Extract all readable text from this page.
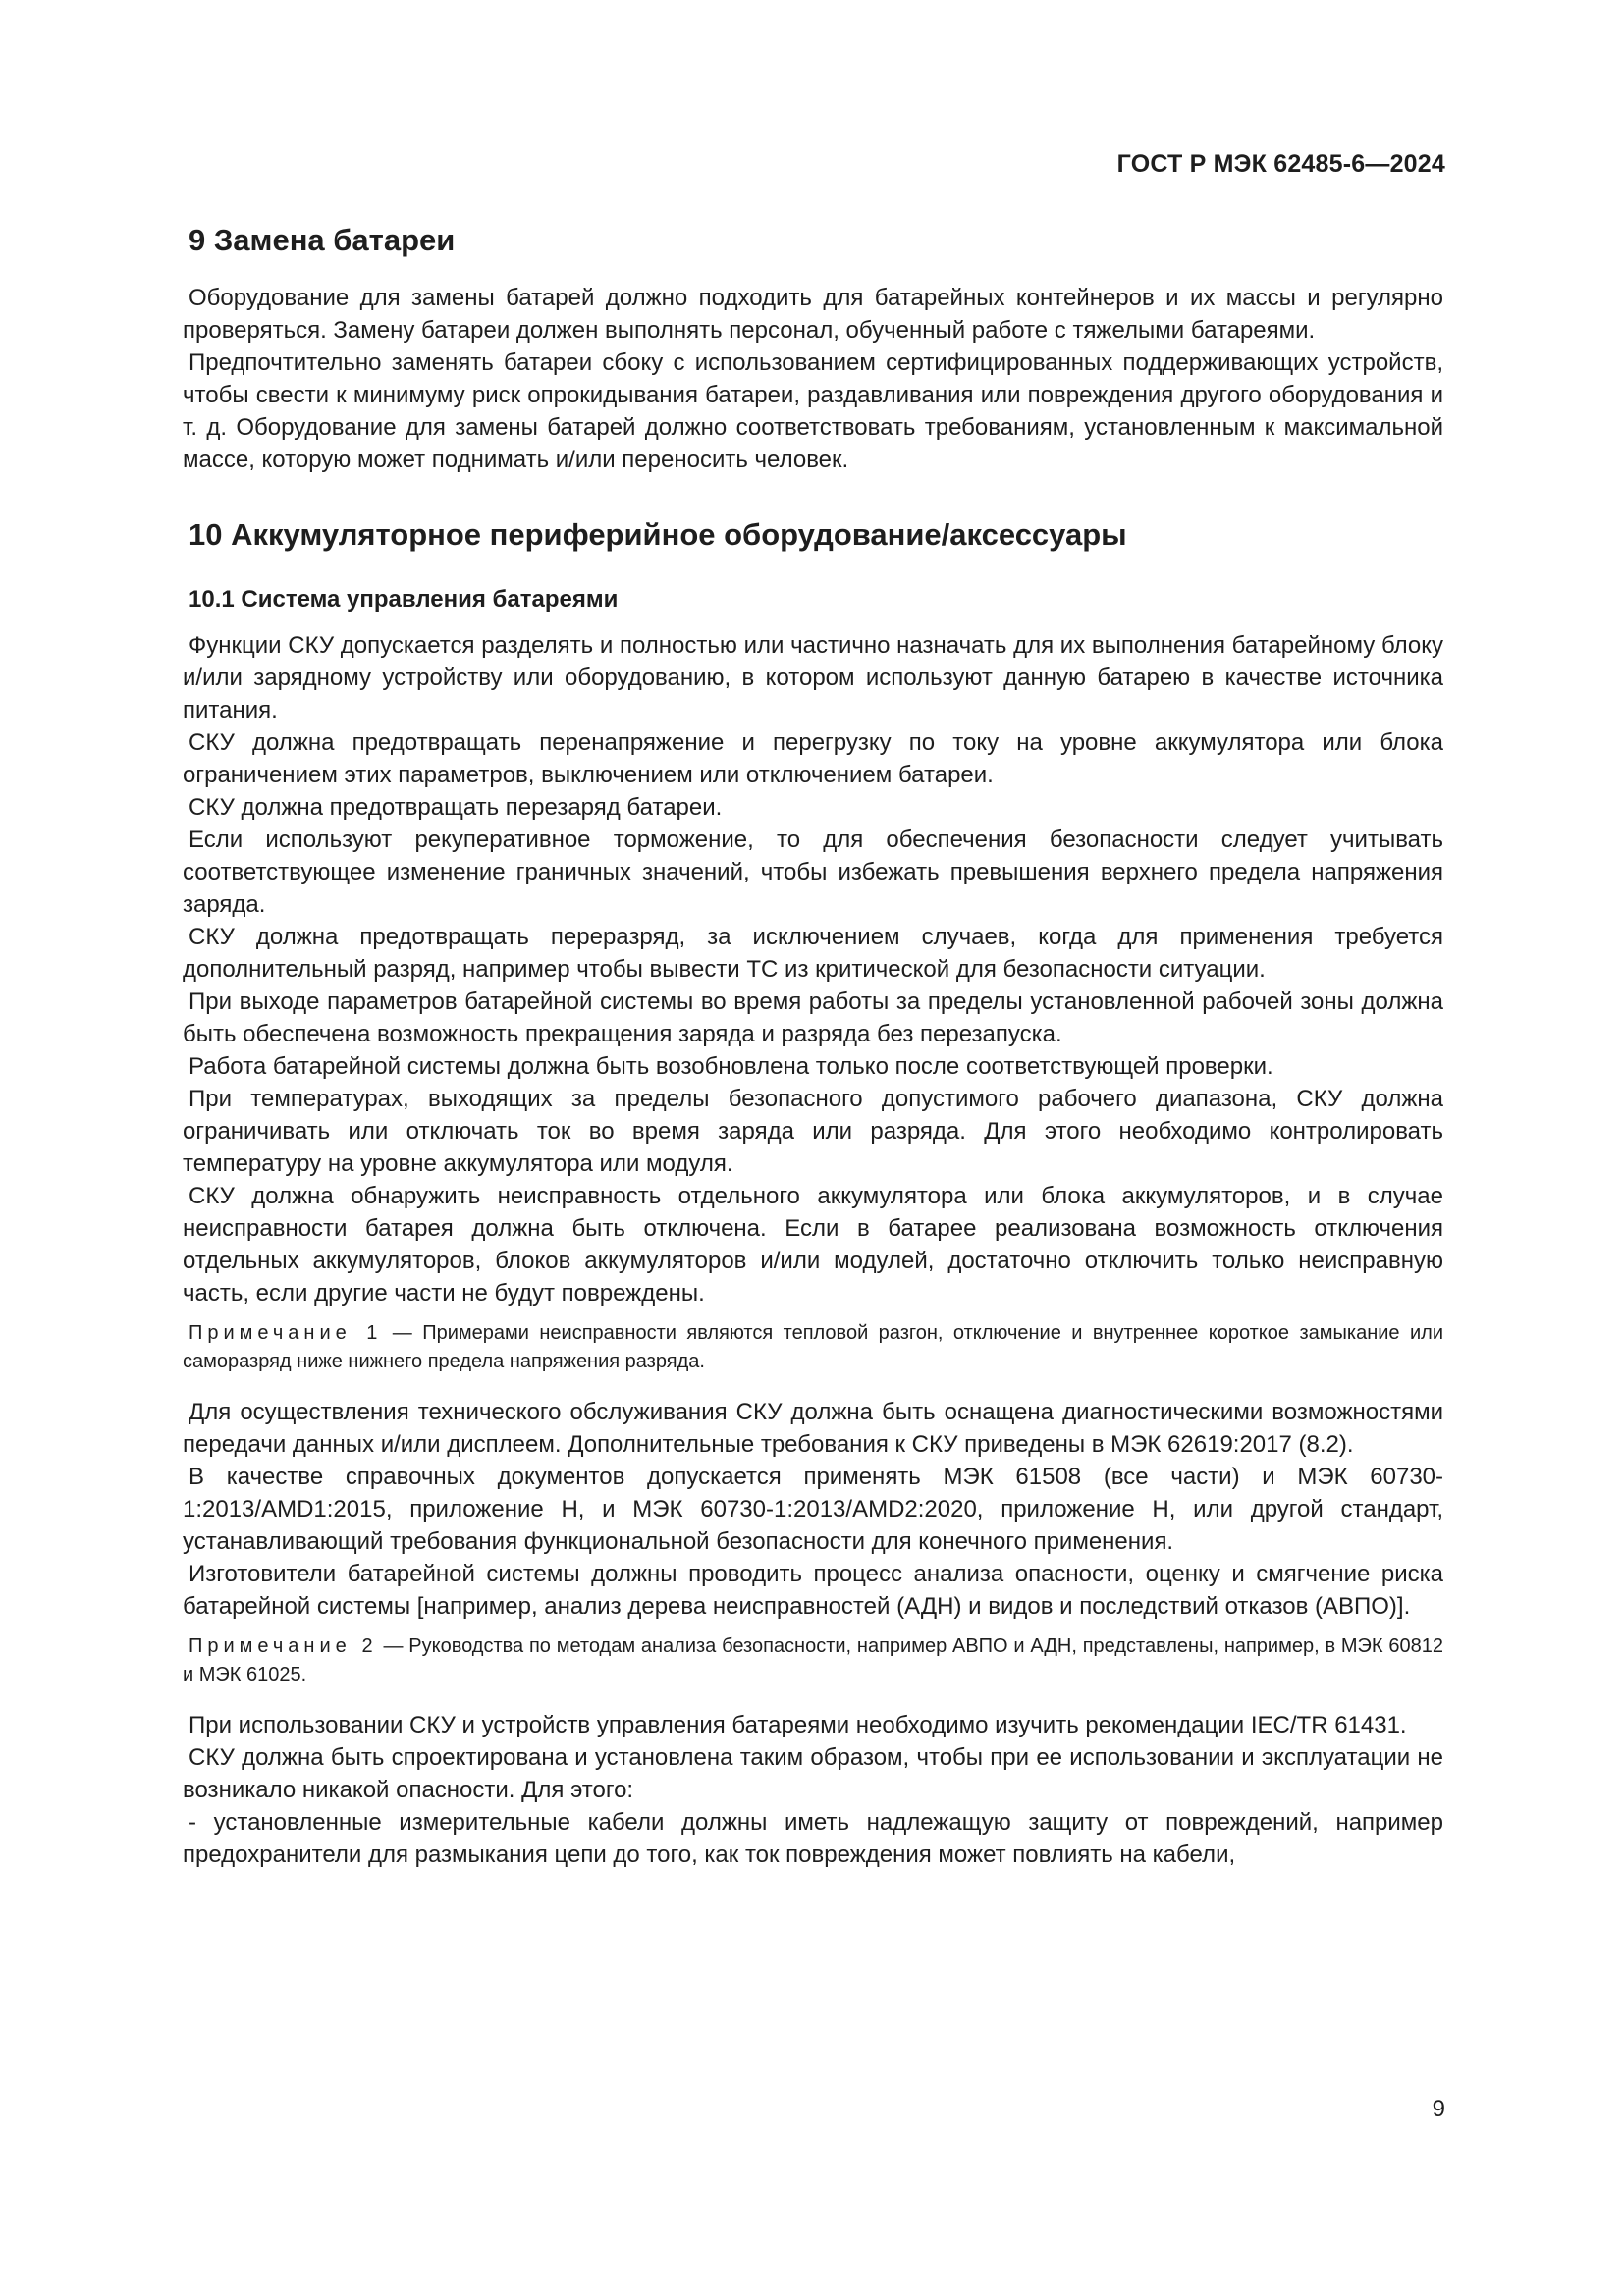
ГОСТ Р МЭК 62485-6—2024
9 Замена батареи

Оборудование для замены батарей должно подходить для батарейных контейнеров и их массы и регулярно проверяться. Замену батареи должен выполнять персонал, обученный работе с тяжелыми батареями.

Предпочтительно заменять батареи сбоку с использованием сертифицированных поддерживающих устройств, чтобы свести к минимуму риск опрокидывания батареи, раздавливания или повреждения другого оборудования и т. д. Оборудование для замены батарей должно соответствовать требованиям, установленным к максимальной массе, которую может поднимать и/или переносить человек.

10 Аккумуляторное периферийное оборудование/аксессуары
10.1 Система управления батареями

Функции СКУ допускается разделять и полностью или частично назначать для их выполнения батарейному блоку и/или зарядному устройству или оборудованию, в котором используют данную батарею в качестве источника питания.

СКУ должна предотвращать перенапряжение и перегрузку по току на уровне аккумулятора или блока ограничением этих параметров, выключением или отключением батареи.

СКУ должна предотвращать перезаряд батареи.

Если используют рекуперативное торможение, то для обеспечения безопасности следует учитывать соответствующее изменение граничных значений, чтобы избежать превышения верхнего предела напряжения заряда.

СКУ должна предотвращать переразряд, за исключением случаев, когда для применения требуется дополнительный разряд, например чтобы вывести ТС из критической для безопасности ситуации.

При выходе параметров батарейной системы во время работы за пределы установленной рабочей зоны должна быть обеспечена возможность прекращения заряда и разряда без перезапуска.

Работа батарейной системы должна быть возобновлена только после соответствующей проверки.

При температурах, выходящих за пределы безопасного допустимого рабочего диапазона, СКУ должна ограничивать или отключать ток во время заряда или разряда. Для этого необходимо контролировать температуру на уровне аккумулятора или модуля.

СКУ должна обнаружить неисправность отдельного аккумулятора или блока аккумуляторов, и в случае неисправности батарея должна быть отключена. Если в батарее реализована возможность отключения отдельных аккумуляторов, блоков аккумуляторов и/или модулей, достаточно отключить только неисправную часть, если другие части не будут повреждены.

Примечание 1 — Примерами неисправности являются тепловой разгон, отключение и внутреннее короткое замыкание или саморазряд ниже нижнего предела напряжения разряда.

Для осуществления технического обслуживания СКУ должна быть оснащена диагностическими возможностями передачи данных и/или дисплеем. Дополнительные требования к СКУ приведены в МЭК 62619:2017 (8.2).

В качестве справочных документов допускается применять МЭК 61508 (все части) и МЭК 60730-1:2013/AMD1:2015, приложение H, и МЭК 60730-1:2013/AMD2:2020, приложение H, или другой стандарт, устанавливающий требования функциональной безопасности для конечного применения.

Изготовители батарейной системы должны проводить процесс анализа опасности, оценку и смягчение риска батарейной системы [например, анализ дерева неисправностей (АДН) и видов и последствий отказов (АВПО)].

Примечание 2 — Руководства по методам анализа безопасности, например АВПО и АДН, представлены, например, в МЭК 60812 и МЭК 61025.

При использовании СКУ и устройств управления батареями необходимо изучить рекомендации IEC/TR 61431.

СКУ должна быть спроектирована и установлена таким образом, чтобы при ее использовании и эксплуатации не возникало никакой опасности. Для этого:

- установленные измерительные кабели должны иметь надлежащую защиту от повреждений, например предохранители для размыкания цепи до того, как ток повреждения может повлиять на кабели,

9
